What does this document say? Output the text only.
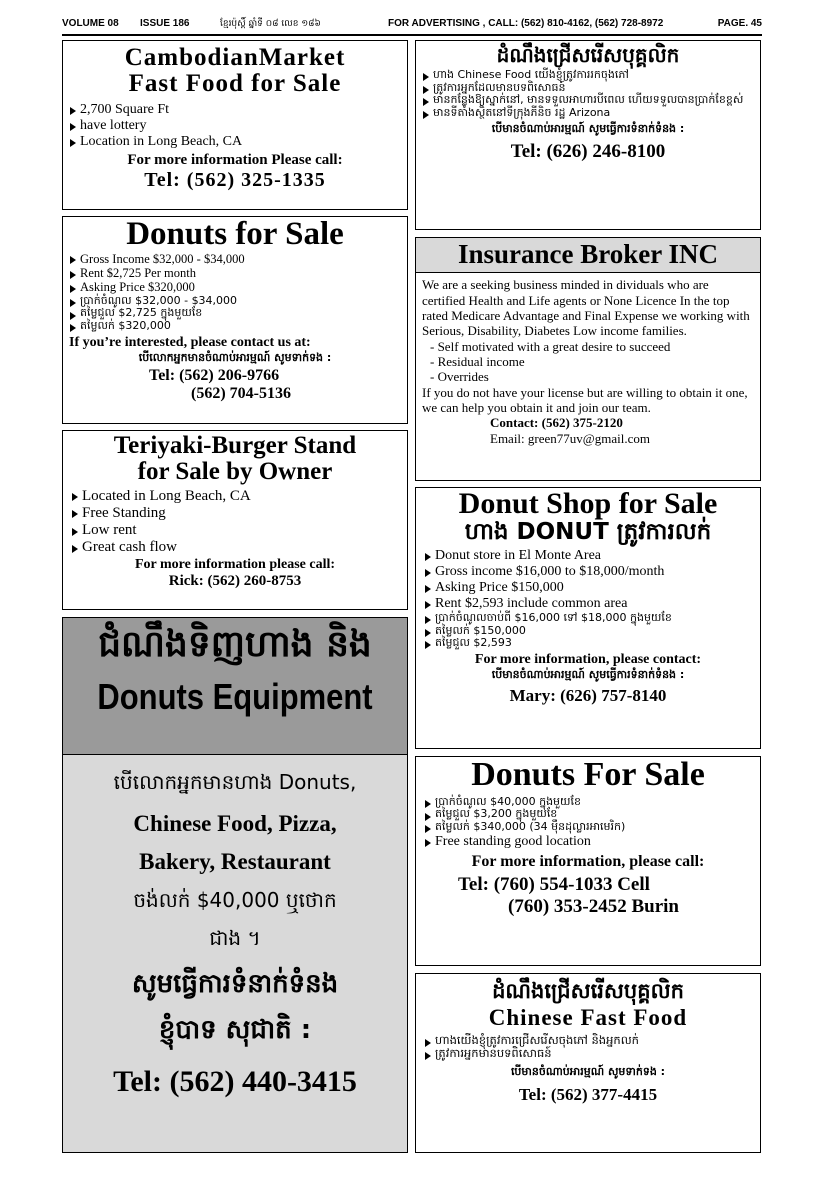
VOLUME 08 ISSUE 186	ខ្មែរប៉ុស្ដិ៍ ឆ្នាំទី ០៨ លេខ ១៨៦	FOR ADVERTISING , CALL: (562) 810-4162, (562) 728-8972	PAGE. 45
CambodianMarket
Fast Food for Sale
2,700 Square Ft
have lottery
Location in Long Beach, CA
For more information Please call:
Tel: (562) 325-1335
Donuts for Sale
Gross Income $32,000 - $34,000
Rent $2,725 Per month
Asking Price $320,000
ប្រាក់ចំណូល $32,000 - $34,000
តម្លៃជួល $2,725 ក្នុងមួយខែ
តម្លៃលក់ $320,000
If you’re interested, please contact us at:
បើលោកអ្នកមានចំណាប់អារម្មណ៍ សូមទាក់ទង :
Tel: (562) 206-9766
(562) 704-5136
Teriyaki-Burger Stand
for Sale by Owner
Located in Long Beach, CA
Free Standing
Low rent
Great cash flow
For more information please call:
Rick: (562) 260-8753
ជំណឹងទិញហាង និង
Donuts Equipment
បើលោកអ្នកមានហាង Donuts,
Chinese Food, Pizza,
Bakery, Restaurant
ចង់លក់ $40,000 ឬថោក
ជាង ។
សូមធ្វើការទំនាក់ទំនង
ខ្ញុំបាទ សុជាតិ :
Tel: (562) 440-3415
ដំណឹងជ្រើសរើសបុគ្គលិក
ហាង Chinese Food យើងខ្ញុំត្រូវការរកចុងភៅ
ត្រូវការអ្នកដែលមានបទពិសោធន៍
មានកន្លែងឱ្យស្នាក់នៅ, មានទទួលអាហារបីពេល ហើយទទួលបានប្រាក់ខែខ្ពស់
មានទីតាំងស្ថិតនៅទីក្រុងភីនិច រដ្ឋ Arizona
បើមានចំណាប់អារម្មណ៍ សូមធ្វើការទំនាក់ទំនង :
Tel: (626) 246-8100
Insurance Broker INC
We are a seeking business minded in dividuals who are certified Health and Life agents or None Licence In the top rated Medicare Advantage and Final Expense we working with Serious, Disability, Diabetes Low income families.
- Self motivated with a great desire to succeed
- Residual income
- Overrides
If you do not have your license but are willing to obtain it one, we can help you obtain it and join our team.
Contact: (562) 375-2120
Email: green77uv@gmail.com
Donut Shop for Sale
ហាង DONUT ត្រូវការលក់
Donut store in El Monte Area
Gross income $16,000 to $18,000/month
Asking Price $150,000
Rent $2,593 include common area
ប្រាក់ចំណូលចាប់ពី $16,000 ទៅ $18,000 ក្នុងមួយខែ
តម្លៃលក់ $150,000
តម្លៃជួល $2,593
For more information, please contact:
បើមានចំណាប់អារម្មណ៍ សូមធ្វើការទំនាក់ទំនង :
Mary: (626) 757-8140
Donuts For Sale
ប្រាក់ចំណូល $40,000 ក្នុងមួយខែ
តម្លៃជួល $3,200 ក្នុងមួយខែ
តម្លៃលក់ $340,000 (34 ម៉ឺនដុល្លារអាមេរិក)
Free standing good location
For more information, please call:
Tel: (760) 554-1033 Cell
(760) 353-2452 Burin
ដំណឹងជ្រើសរើសបុគ្គលិក
Chinese Fast Food
ហាងយើងខ្ញុំត្រូវការជ្រើសរើសចុងភៅ និងអ្នកលក់
ត្រូវការអ្នកមានបទពិសោធន៍
បើមានចំណាប់អារម្មណ៍ សូមទាក់ទង :
Tel: (562) 377-4415
